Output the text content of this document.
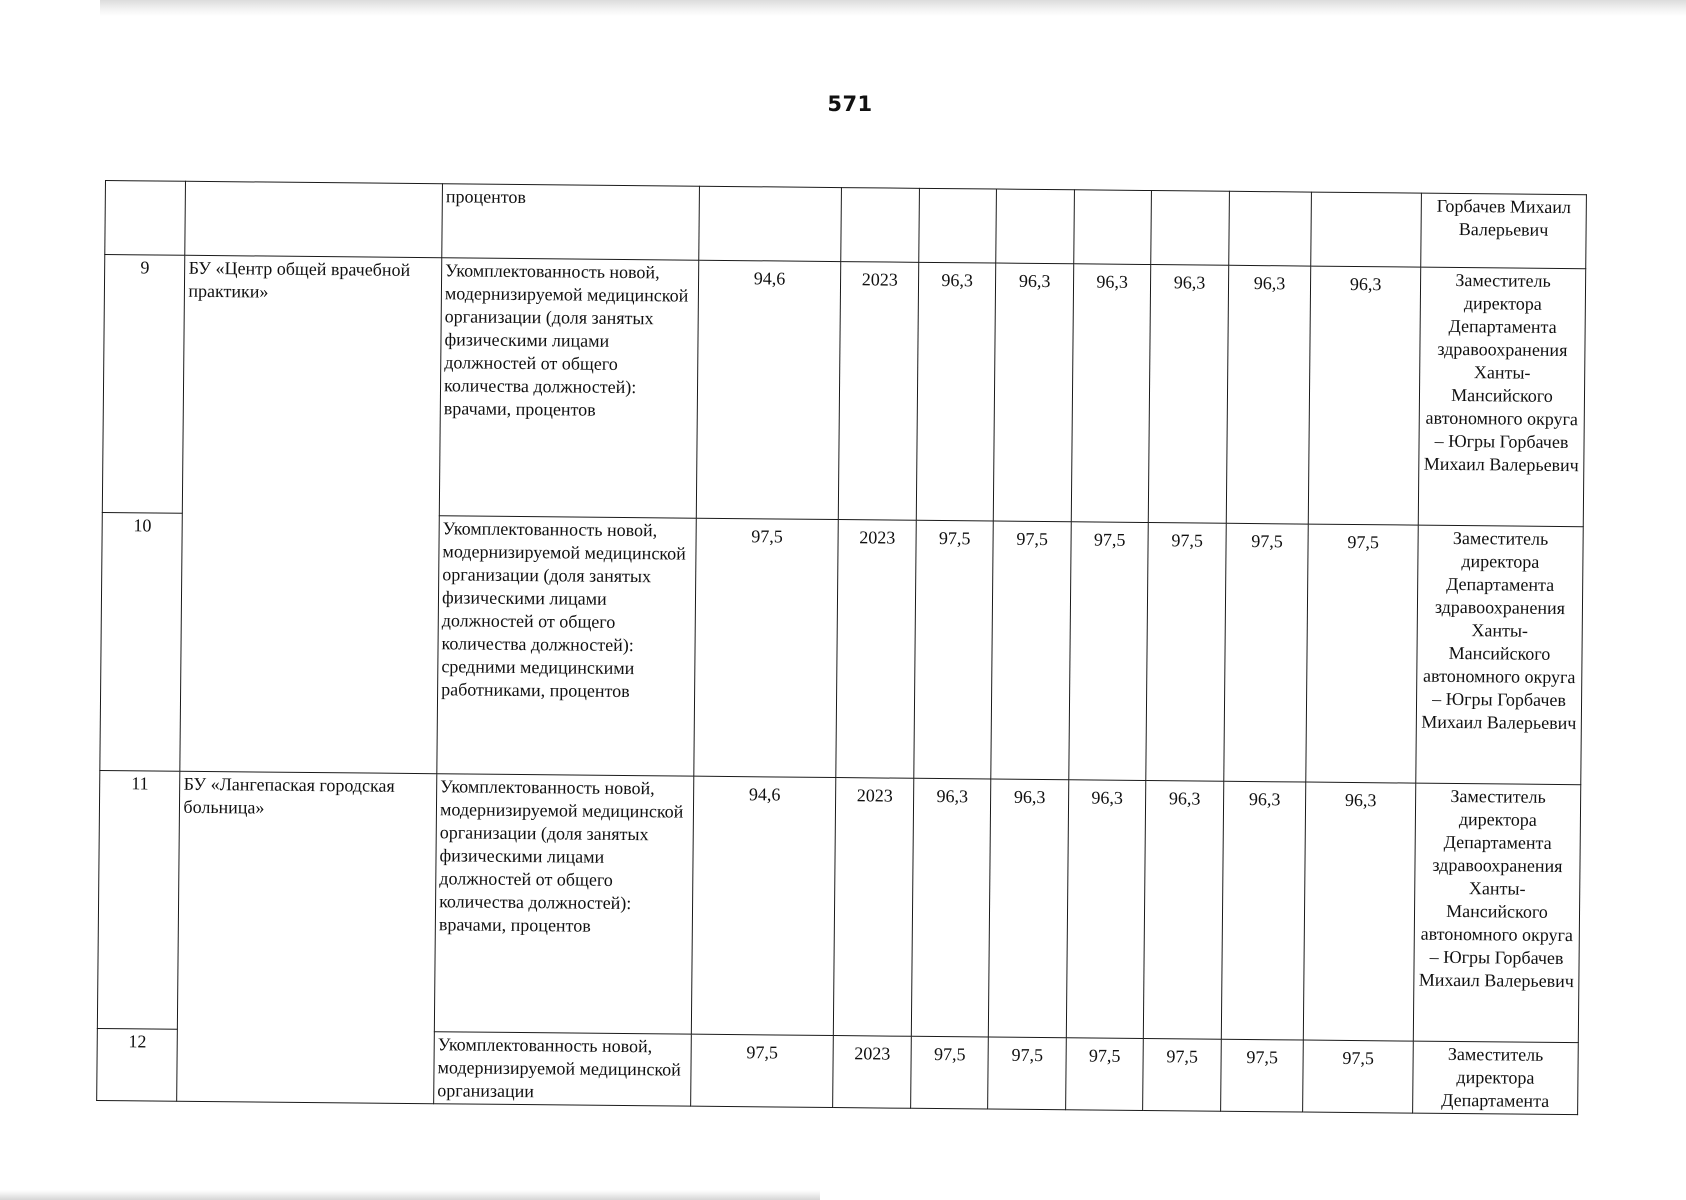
571
		процентов									Горбачев Михаил Валерьевич
9	БУ «Центр общей врачебной практики»	Укомплектованность новой, модернизируемой медицинской организации (доля занятых физическими лицами должностей от общего количества должностей): врачами, процентов	94,6	2023	96,3	96,3	96,3	96,3	96,3	96,3	Заместитель директора Департамента здравоохранения Ханты-Мансийского автономного округа – Югры Горбачев Михаил Валерьевич
10		Укомплектованность новой, модернизируемой медицинской организации (доля занятых физическими лицами должностей от общего количества должностей): средними медицинскими работниками, процентов	97,5	2023	97,5	97,5	97,5	97,5	97,5	97,5	Заместитель директора Департамента здравоохранения Ханты-Мансийского автономного округа – Югры Горбачев Михаил Валерьевич
11	БУ «Лангепаская городская больница»	Укомплектованность новой, модернизируемой медицинской организации (доля занятых физическими лицами должностей от общего количества должностей): врачами, процентов	94,6	2023	96,3	96,3	96,3	96,3	96,3	96,3	Заместитель директора Департамента здравоохранения Ханты-Мансийского автономного округа – Югры Горбачев Михаил Валерьевич
12		Укомплектованность новой, модернизируемой медицинской организации	97,5	2023	97,5	97,5	97,5	97,5	97,5	97,5	Заместитель директора Департамента
